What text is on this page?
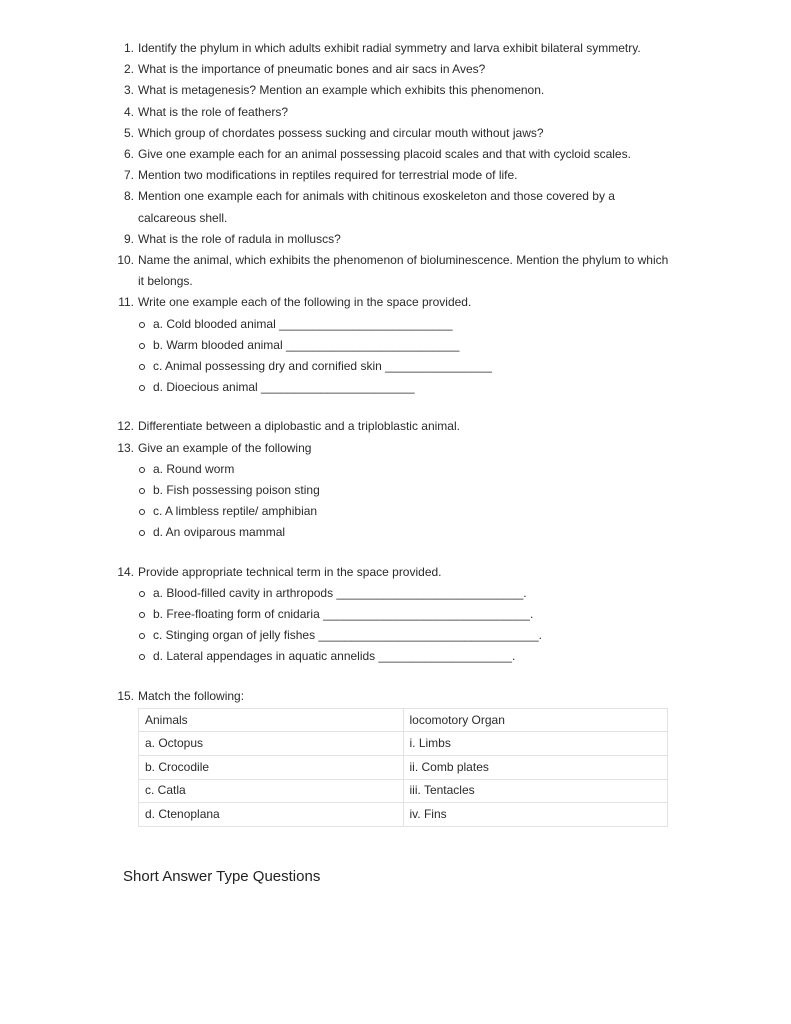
1. Identify the phylum in which adults exhibit radial symmetry and larva exhibit bilateral symmetry.
2. What is the importance of pneumatic bones and air sacs in Aves?
3. What is metagenesis? Mention an example which exhibits this phenomenon.
4. What is the role of feathers?
5. Which group of chordates possess sucking and circular mouth without jaws?
6. Give one example each for an animal possessing placoid scales and that with cycloid scales.
7. Mention two modifications in reptiles required for terrestrial mode of life.
8. Mention one example each for animals with chitinous exoskeleton and those covered by a calcareous shell.
9. What is the role of radula in molluscs?
10. Name the animal, which exhibits the phenomenon of bioluminescence. Mention the phylum to which it belongs.
11. Write one example each of the following in the space provided.
a. Cold blooded animal __________________________
b. Warm blooded animal __________________________
c. Animal possessing dry and cornified skin ________________
d. Dioecious animal _______________________
12. Differentiate between a diplobastic and a triploblastic animal.
13. Give an example of the following
a. Round worm
b. Fish possessing poison sting
c. A limbless reptile/ amphibian
d. An oviparous mammal
14. Provide appropriate technical term in the space provided.
a. Blood-filled cavity in arthropods ____________________________.
b. Free-floating form of cnidaria _______________________________.
c. Stinging organ of jelly fishes _________________________________.
d. Lateral appendages in aquatic annelids ____________________.
15. Match the following:
Animals	locomotory Organ
a. Octopus	i. Limbs
b. Crocodile	ii. Comb plates
c. Catla	iii. Tentacles
d. Ctenoplana	iv. Fins
Short Answer Type Questions
